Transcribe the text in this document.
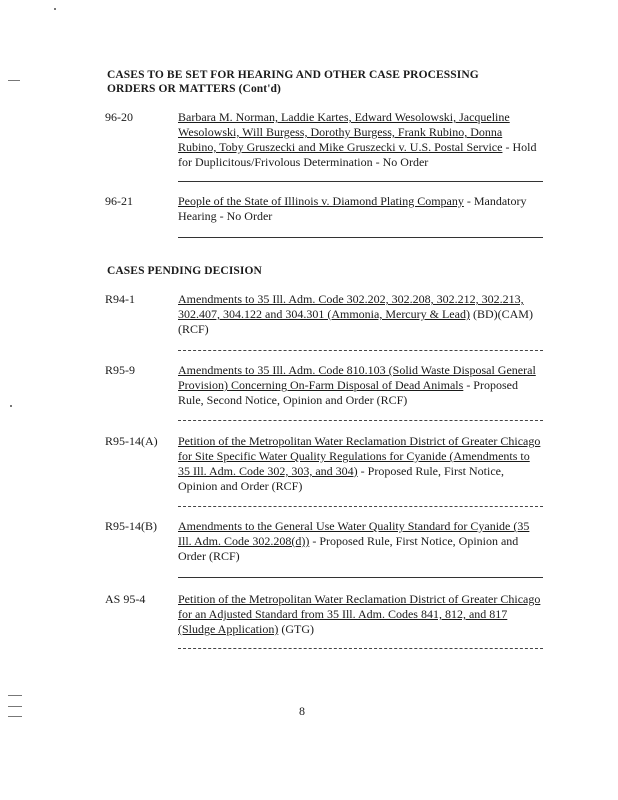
CASES TO BE SET FOR HEARING AND OTHER CASE PROCESSING
ORDERS OR MATTERS (Cont'd)
96-20	Barbara M. Norman, Laddie Kartes, Edward Wesolowski, Jacqueline Wesolowski, Will Burgess, Dorothy Burgess, Frank Rubino, Donna Rubino, Toby Gruszecki and Mike Gruszecki v. U.S. Postal Service - Hold for Duplicitous/Frivolous Determination - No Order
96-21	People of the State of Illinois v. Diamond Plating Company - Mandatory Hearing - No Order
CASES PENDING DECISION
R94-1	Amendments to 35 Ill. Adm. Code 302.202, 302.208, 302.212, 302.213, 302.407, 304.122 and 304.301 (Ammonia, Mercury & Lead) (BD)(CAM)(RCF)
R95-9	Amendments to 35 Ill. Adm. Code 810.103 (Solid Waste Disposal General Provision) Concerning On-Farm Disposal of Dead Animals - Proposed Rule, Second Notice, Opinion and Order (RCF)
R95-14(A) Petition of the Metropolitan Water Reclamation District of Greater Chicago for Site Specific Water Quality Regulations for Cyanide (Amendments to 35 Ill. Adm. Code 302, 303, and 304) - Proposed Rule, First Notice, Opinion and Order (RCF)
R95-14(B) Amendments to the General Use Water Quality Standard for Cyanide (35 Ill. Adm. Code 302.208(d)) - Proposed Rule, First Notice, Opinion and Order (RCF)
AS 95-4	Petition of the Metropolitan Water Reclamation District of Greater Chicago for an Adjusted Standard from 35 Ill. Adm. Codes 841, 812, and 817 (Sludge Application) (GTG)
8
